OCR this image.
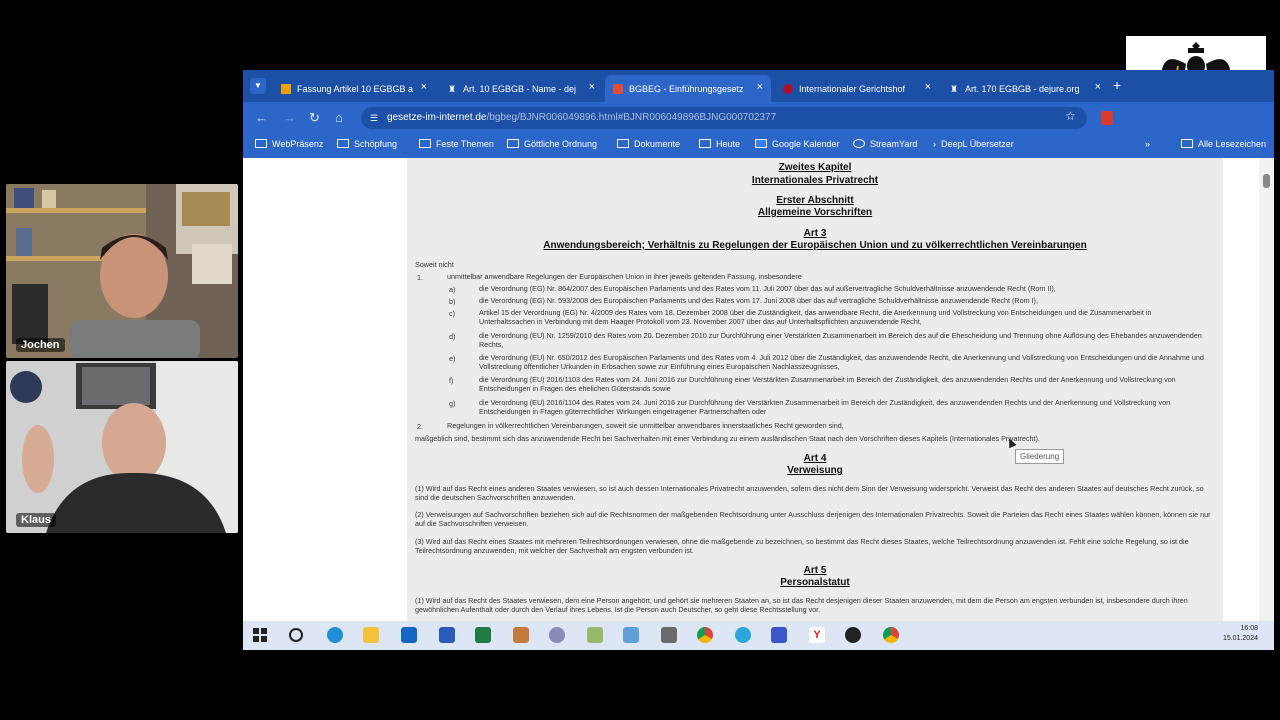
Jochen
Klaus
▼	Fassung Artikel 10 EGBGB a × ♜ Art. 10 EGBGB - Name - dej ×	BGBEG - Einführungsgesetz ×	Internationaler Gerichtshof × ♜ Art. 170 EGBGB - dejure.org × +
← → ↻ ⌂	☰ gesetze-im-internet.de/bgbeg/BJNR006049896.html#BJNR006049896BJNG000702377	☆
WebPräsenz	Schöpfung	Feste Themen	Göttliche Ordnung	Dokumente	Heute	Google Kalender	StreamYard › DeepL Übersetzer	»	Alle Lesezeichen
Zweites Kapitel
Internationales Privatrecht
Erster Abschnitt
Allgemeine Vorschriften
Art 3
Anwendungsbereich; Verhältnis zu Regelungen der Europäischen Union und zu völkerrechtlichen Vereinbarungen
Soweit nicht
1.	unmittelbar anwendbare Regelungen der Europäischen Union in ihrer jeweils geltenden Fassung, insbesondere
a)	die Verordnung (EG) Nr. 864/2007 des Europäischen Parlaments und des Rates vom 11. Juli 2007 über das auf außervertragliche Schuldverhältnisse anzuwendende Recht (Rom II),
b)	die Verordnung (EG) Nr. 593/2008 des Europäischen Parlaments und des Rates vom 17. Juni 2008 über das auf vertragliche Schuldverhältnisse anzuwendende Recht (Rom I),
c)	Artikel 15 der Verordnung (EG) Nr. 4/2009 des Rates vom 18. Dezember 2008 über die Zuständigkeit, das anwendbare Recht, die Anerkennung und Vollstreckung von Entscheidungen und die Zusammenarbeit in Unterhaltssachen in Verbindung mit dem Haager Protokoll vom 23. November 2007 über das auf Unterhaltspflichten anzuwendende Recht,
d)	die Verordnung (EU) Nr. 1259/2010 des Rates vom 20. Dezember 2010 zur Durchführung einer Verstärkten Zusammenarbeit im Bereich des auf die Ehescheidung und Trennung ohne Auflösung des Ehebandes anzuwendenden Rechts,
e)	die Verordnung (EU) Nr. 650/2012 des Europäischen Parlaments und des Rates vom 4. Juli 2012 über die Zuständigkeit, das anzuwendende Recht, die Anerkennung und Vollstreckung von Entscheidungen und die Annahme und Vollstreckung öffentlicher Urkunden in Erbsachen sowie zur Einführung eines Europäischen Nachlasszeugnisses,
f)	die Verordnung (EU) 2016/1103 des Rates vom 24. Juni 2016 zur Durchführung einer Verstärkten Zusammenarbeit im Bereich der Zuständigkeit, des anzuwendenden Rechts und der Anerkennung und Vollstreckung von Entscheidungen in Fragen des ehelichen Güterstands sowie
g)	die Verordnung (EU) 2016/1104 des Rates vom 24. Juni 2016 zur Durchführung der Verstärkten Zusammenarbeit im Bereich der Zuständigkeit, des anzuwendenden Rechts und der Anerkennung und Vollstreckung von Entscheidungen in Fragen güterrechtlicher Wirkungen eingetragener Partnerschaften oder
2.	Regelungen in völkerrechtlichen Vereinbarungen, soweit sie unmittelbar anwendbares innerstaatliches Recht geworden sind,
maßgeblich sind, bestimmt sich das anzuwendende Recht bei Sachverhalten mit einer Verbindung zu einem ausländischen Staat nach den Vorschriften dieses Kapitels (Internationales Privatrecht).
Art 4
Verweisung
(1) Wird auf das Recht eines anderen Staates verwiesen, so ist auch dessen Internationales Privatrecht anzuwenden, sofern dies nicht dem Sinn der Verweisung widerspricht. Verweist das Recht des anderen Staates auf deutsches Recht zurück, so sind die deutschen Sachvorschriften anzuwenden.
(2) Verweisungen auf Sachvorschriften beziehen sich auf die Rechtsnormen der maßgebenden Rechtsordnung unter Ausschluss derjenigen des Internationalen Privatrechts. Soweit die Parteien das Recht eines Staates wählen können, können sie nur auf die Sachvorschriften verweisen.
(3) Wird auf das Recht eines Staates mit mehreren Teilrechtsordnungen verwiesen, ohne die maßgebende zu bezeichnen, so bestimmt das Recht dieses Staates, welche Teilrechtsordnung anzuwenden ist. Fehlt eine solche Regelung, so ist die Teilrechtsordnung anzuwenden, mit welcher der Sachverhalt am engsten verbunden ist.
Art 5
Personalstatut
(1) Wird auf das Recht des Staates verwiesen, dem eine Person angehört, und gehört sie mehreren Staaten an, so ist das Recht desjenigen dieser Staaten anzuwenden, mit dem die Person am engsten verbunden ist, insbesondere durch ihren gewöhnlichen Aufenthalt oder durch den Verlauf ihres Lebens. Ist die Person auch Deutscher, so geht diese Rechtsstellung vor.
Gliederung
Y
16:08
15.01.2024
